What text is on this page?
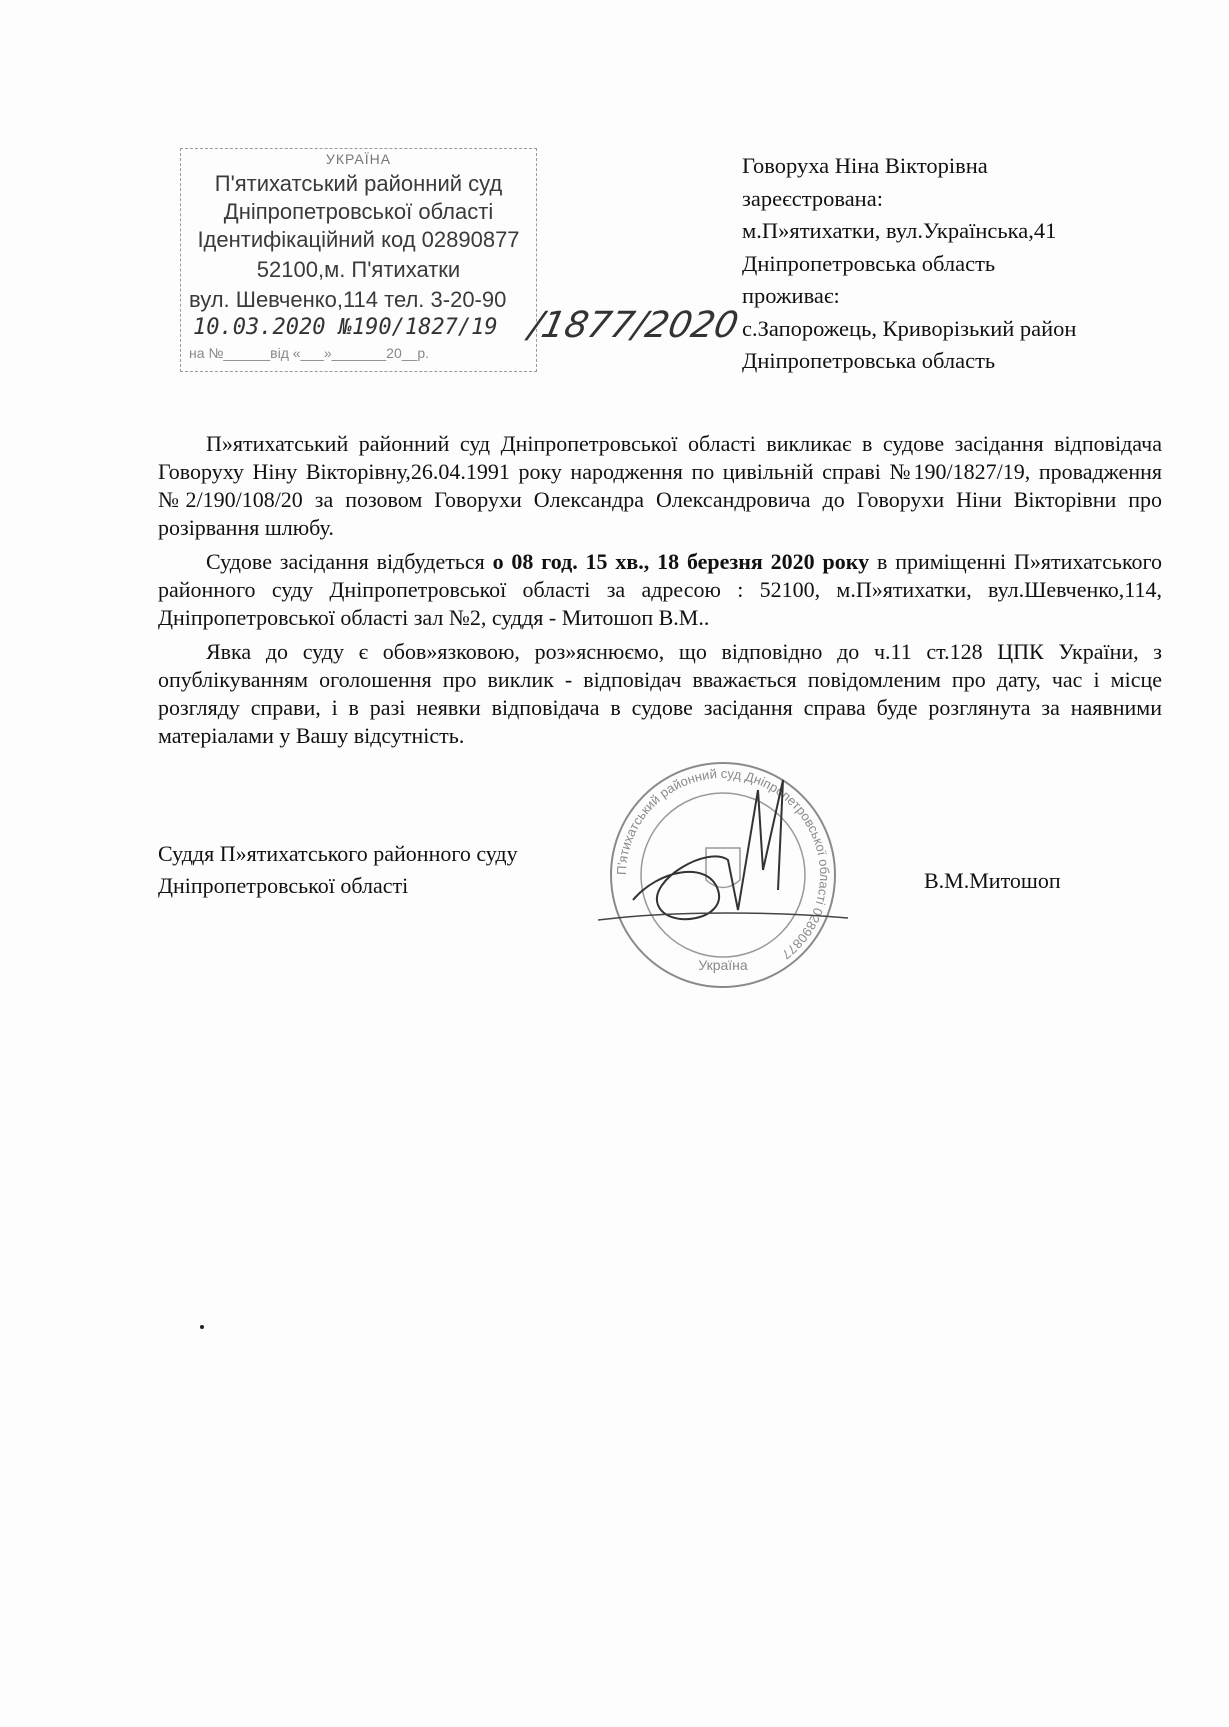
УКРАЇНА
П'ятихатський районний суд
Дніпропетровської області
Ідентифікаційний код 02890877
52100,м. П'ятихатки
вул. Шевченко,114 тел. 3-20-90
10.03.2020 №190/1827/19
на №______від «___»_______20__р.
/1877/2020
Говоруха Ніна Вікторівна
зареєстрована:
м.П»ятихатки, вул.Українська,41
Дніпропетровська область
проживає:
с.Запорожець, Криворізький район
Дніпропетровська область

П»ятихатський районний суд Дніпропетровської області викликає в судове засідання відповідача Говоруху Ніну Вікторівну,26.04.1991 року народження по цивільній справі №190/1827/19, провадження №2/190/108/20 за позовом Говорухи Олександра Олександровича до Говорухи Ніни Вікторівни про розірвання шлюбу.

Судове засідання відбудеться о 08 год. 15 хв., 18 березня 2020 року в приміщенні П»ятихатського районного суду Дніпропетровської області за адресою : 52100, м.П»ятихатки, вул.Шевченко,114, Дніпропетровської області зал №2, суддя - Митошоп В.М..

Явка до суду є обов»язковою, роз»яснюємо, що відповідно до ч.11 ст.128 ЦПК України, з опублікуванням оголошення про виклик - відповідач вважається повідомленим про дату, час і місце розгляду справи, і в разі неявки відповідача в судове засідання справа буде розглянута за наявними матеріалами у Вашу відсутність.

Суддя П»ятихатського районного суду
Дніпропетровської області	В.М.Митошоп
П'ятихатський районний суд Дніпропетровської області 02890877
Україна
